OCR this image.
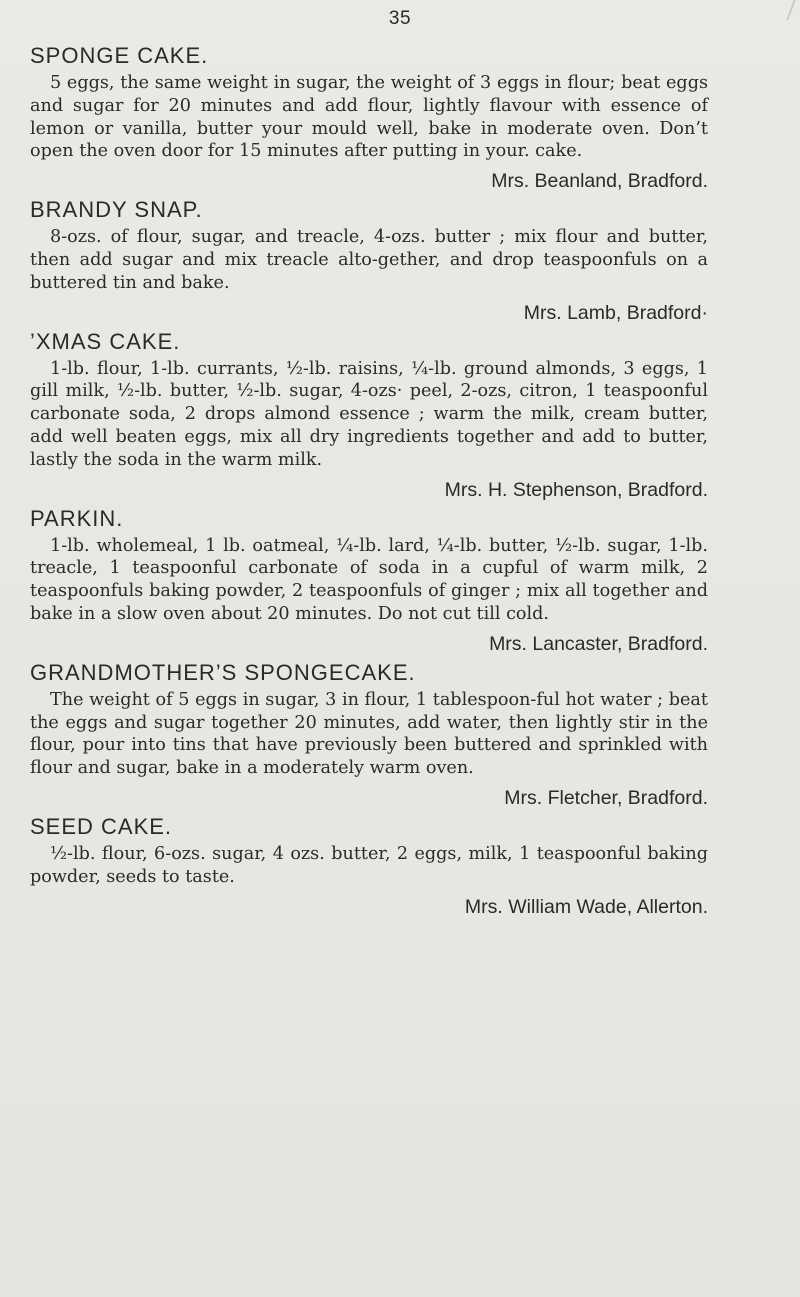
35
SPONGE CAKE.

5 eggs, the same weight in sugar, the weight of 3 eggs in flour; beat eggs and sugar for 20 minutes and add flour, lightly flavour with essence of lemon or vanilla, butter your mould well, bake in moderate oven. Don’t open the oven door for 15 minutes after putting in your. cake.

Mrs. Beanland, Bradford.
BRANDY SNAP.

8-ozs. of flour, sugar, and treacle, 4-ozs. butter ; mix flour and butter, then add sugar and mix treacle alto-gether, and drop teaspoonfuls on a buttered tin and bake.

Mrs. Lamb, Bradford·
’XMAS CAKE.

1-lb. flour, 1-lb. currants, ½-lb. raisins, ¼-lb. ground almonds, 3 eggs, 1 gill milk, ½-lb. butter, ½-lb. sugar, 4-ozs· peel, 2-ozs, citron, 1 teaspoonful carbonate soda, 2 drops almond essence ; warm the milk, cream butter, add well beaten eggs, mix all dry ingredients together and add to butter, lastly the soda in the warm milk.

Mrs. H. Stephenson, Bradford.
PARKIN.

1-lb. wholemeal, 1 lb. oatmeal, ¼-lb. lard, ¼-lb. butter, ½-lb. sugar, 1-lb. treacle, 1 teaspoonful carbonate of soda in a cupful of warm milk, 2 teaspoonfuls baking powder, 2 teaspoonfuls of ginger ; mix all together and bake in a slow oven about 20 minutes. Do not cut till cold.

Mrs. Lancaster, Bradford.
GRANDMOTHER’S SPONGECAKE.

The weight of 5 eggs in sugar, 3 in flour, 1 tablespoon-ful hot water ; beat the eggs and sugar together 20 minutes, add water, then lightly stir in the flour, pour into tins that have previously been buttered and sprinkled with flour and sugar, bake in a moderately warm oven.

Mrs. Fletcher, Bradford.
SEED CAKE.

½-lb. flour, 6-ozs. sugar, 4 ozs. butter, 2 eggs, milk, 1 teaspoonful baking powder, seeds to taste.

Mrs. William Wade, Allerton.
